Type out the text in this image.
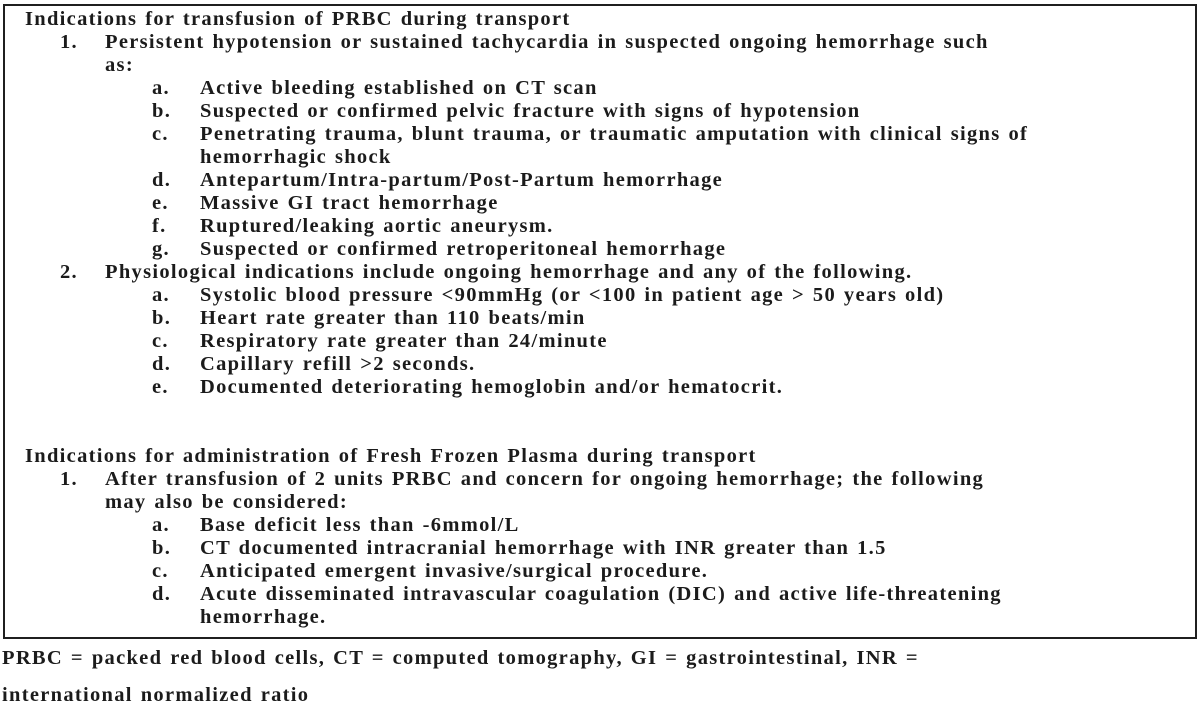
Indications for transfusion of PRBC during transport
1.	Persistent hypotension or sustained tachycardia in suspected ongoing hemorrhage such
as:
a.	Active bleeding established on CT scan
b.	Suspected or confirmed pelvic fracture with signs of hypotension
c.	Penetrating trauma, blunt trauma, or traumatic amputation with clinical signs of
hemorrhagic shock
d.	Antepartum/Intra-partum/Post-Partum hemorrhage
e.	Massive GI tract hemorrhage
f.	Ruptured/leaking aortic aneurysm.
g.	Suspected or confirmed retroperitoneal hemorrhage
2.	Physiological indications include ongoing hemorrhage and any of the following.
a.	Systolic blood pressure <90mmHg (or <100 in patient age > 50 years old)
b.	Heart rate greater than 110 beats/min
c.	Respiratory rate greater than 24/minute
d.	Capillary refill >2 seconds.
e.	Documented deteriorating hemoglobin and/or hematocrit.
Indications for administration of Fresh Frozen Plasma during transport
1.	After transfusion of 2 units PRBC and concern for ongoing hemorrhage; the following
may also be considered:
a.	Base deficit less than -6mmol/L
b.	CT documented intracranial hemorrhage with INR greater than 1.5
c.	Anticipated emergent invasive/surgical procedure.
d.	Acute disseminated intravascular coagulation (DIC) and active life-threatening
hemorrhage.
PRBC = packed red blood cells, CT = computed tomography, GI = gastrointestinal, INR =
international normalized ratio
